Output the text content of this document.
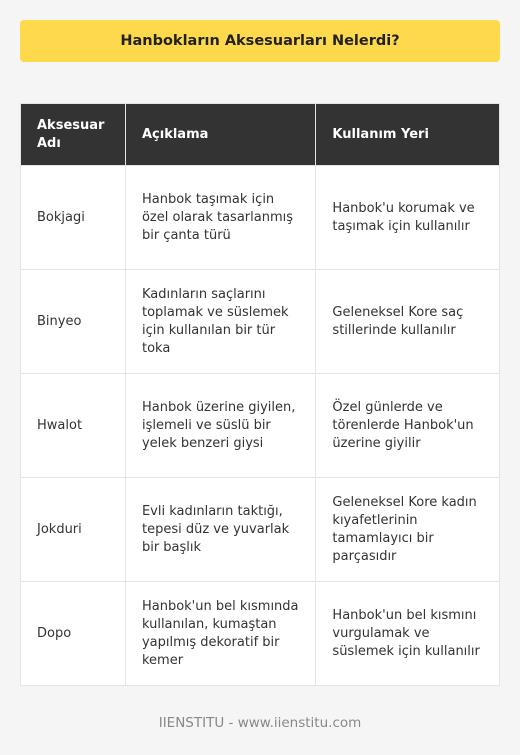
Hanbokların Aksesuarları Nelerdi?
Aksesuar Adı	Açıklama	Kullanım Yeri
Bokjagi	Hanbok taşımak için özel olarak tasarlanmış bir çanta türü	Hanbok'u korumak ve taşımak için kullanılır
Binyeo	Kadınların saçlarını toplamak ve süslemek için kullanılan bir tür toka	Geleneksel Kore saç stillerinde kullanılır
Hwalot	Hanbok üzerine giyilen, işlemeli ve süslü bir yelek benzeri giysi	Özel günlerde ve törenlerde Hanbok'un üzerine giyilir
Jokduri	Evli kadınların taktığı, tepesi düz ve yuvarlak bir başlık	Geleneksel Kore kadın kıyafetlerinin tamamlayıcı bir parçasıdır
Dopo	Hanbok'un bel kısmında kullanılan, kumaştan yapılmış dekoratif bir kemer	Hanbok'un bel kısmını vurgulamak ve süslemek için kullanılır
IIENSTITU - www.iienstitu.com
